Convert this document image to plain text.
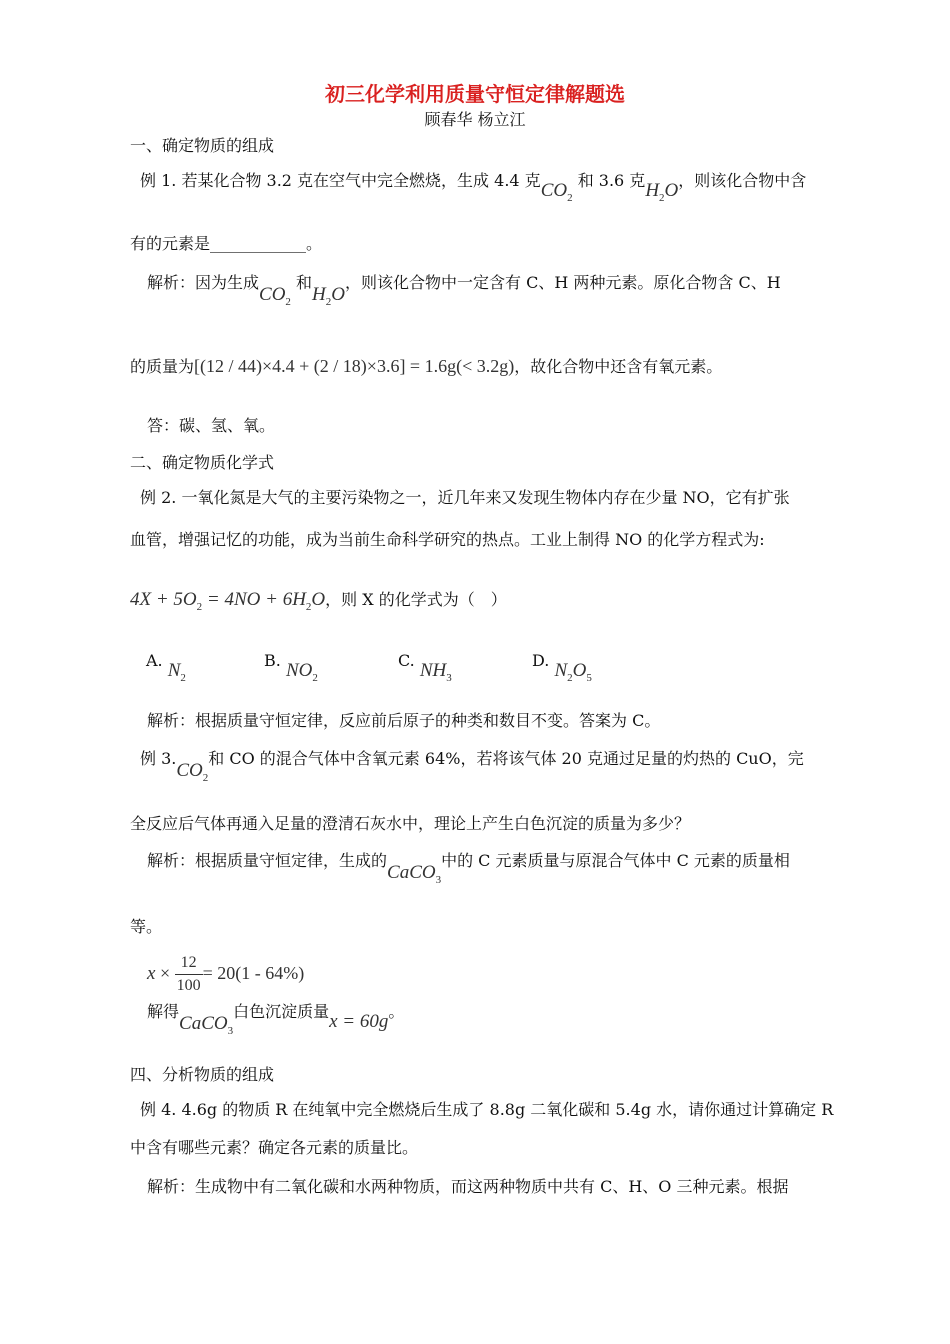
初三化学利用质量守恒定律解题选
顾春华 杨立江
一、确定物质的组成
例 1. 若某化合物 3.2 克在空气中完全燃烧，生成 4.4 克$CO_2$ 和 3.6 克$H_2O$，则该化合物中含
有的元素是____________。
解析：因为生成$CO_2$ 和$H_2O$，则该化合物中一定含有 C、H 两种元素。原化合物含 C、H
的质量为[(12 / 44)×4.4 + (2 / 18)×3.6] = 1.6g(< 3.2g)，故化合物中还含有氧元素。
答：碳、氢、氧。
二、确定物质化学式
例 2. 一氧化氮是大气的主要污染物之一，近几年来又发现生物体内存在少量 NO，它有扩张
血管，增强记忆的功能，成为当前生命科学研究的热点。工业上制得 NO 的化学方程式为:
$4X + 5O_2 = 4NO + 6H_2O$，则 X 的化学式为（　）
A. $N_2$
B. $NO_2$
C. $NH_3$
D. $N_2O_5$
解析：根据质量守恒定律，反应前后原子的种类和数目不变。答案为 C。
例 $3.CO_2$和 CO 的混合气体中含氧元素 64%，若将该气体 20 克通过足量的灼热的 CuO，完
全反应后气体再通入足量的澄清石灰水中，理论上产生白色沉淀的质量为多少？
解析：根据质量守恒定律，生成的CaCO$_3$中的 C 元素质量与原混合气体中 C 元素的质量相
等。
$x \times \frac{12}{100} = 20(1 - 64\%)$
解得CaCO$_3$白色沉淀质量x = 60g。
四、分析物质的组成
例 4. 4.6g 的物质 R 在纯氧中完全燃烧后生成了 8.8g 二氧化碳和 5.4g 水，请你通过计算确定 R
中含有哪些元素？确定各元素的质量比。
解析：生成物中有二氧化碳和水两种物质，而这两种物质中共有 C、H、O 三种元素。根据
